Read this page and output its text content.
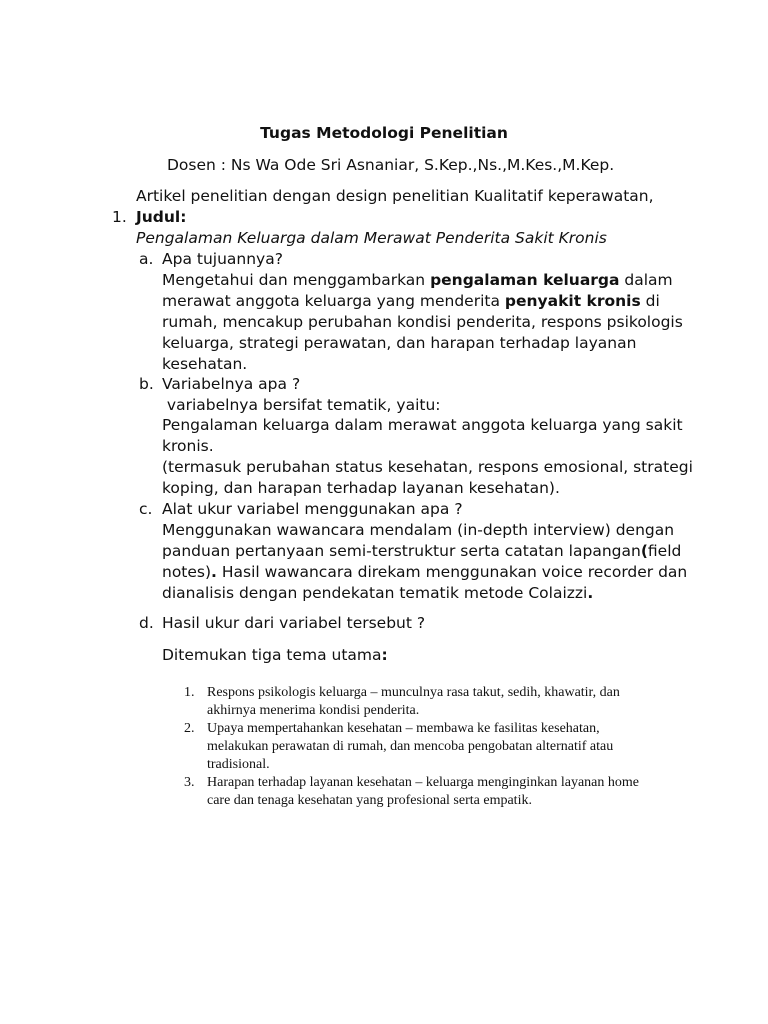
Tugas Metodologi Penelitian
Dosen : Ns Wa Ode Sri Asnaniar, S.Kep.,Ns.,M.Kes.,M.Kep.
Artikel penelitian dengan design penelitian Kualitatif keperawatan,
1. Judul:
Pengalaman Keluarga dalam Merawat Penderita Sakit Kronis
a. Apa tujuannya?
Mengetahui dan menggambarkan pengalaman keluarga dalam
merawat anggota keluarga yang menderita penyakit kronis di
rumah, mencakup perubahan kondisi penderita, respons psikologis
keluarga, strategi perawatan, dan harapan terhadap layanan
kesehatan.
b. Variabelnya apa ?
variabelnya bersifat tematik, yaitu:
Pengalaman keluarga dalam merawat anggota keluarga yang sakit
kronis.
(termasuk perubahan status kesehatan, respons emosional, strategi
koping, dan harapan terhadap layanan kesehatan).
c. Alat ukur variabel menggunakan apa ?
Menggunakan wawancara mendalam (in-depth interview) dengan
panduan pertanyaan semi-terstruktur serta catatan lapangan(field
notes). Hasil wawancara direkam menggunakan voice recorder dan
dianalisis dengan pendekatan tematik metode Colaizzi.
d. Hasil ukur dari variabel tersebut ?
Ditemukan tiga tema utama:
1. Respons psikologis keluarga – munculnya rasa takut, sedih, khawatir, dan
akhirnya menerima kondisi penderita.
2. Upaya mempertahankan kesehatan – membawa ke fasilitas kesehatan,
melakukan perawatan di rumah, dan mencoba pengobatan alternatif atau
tradisional.
3. Harapan terhadap layanan kesehatan – keluarga menginginkan layanan home
care dan tenaga kesehatan yang profesional serta empatik.
